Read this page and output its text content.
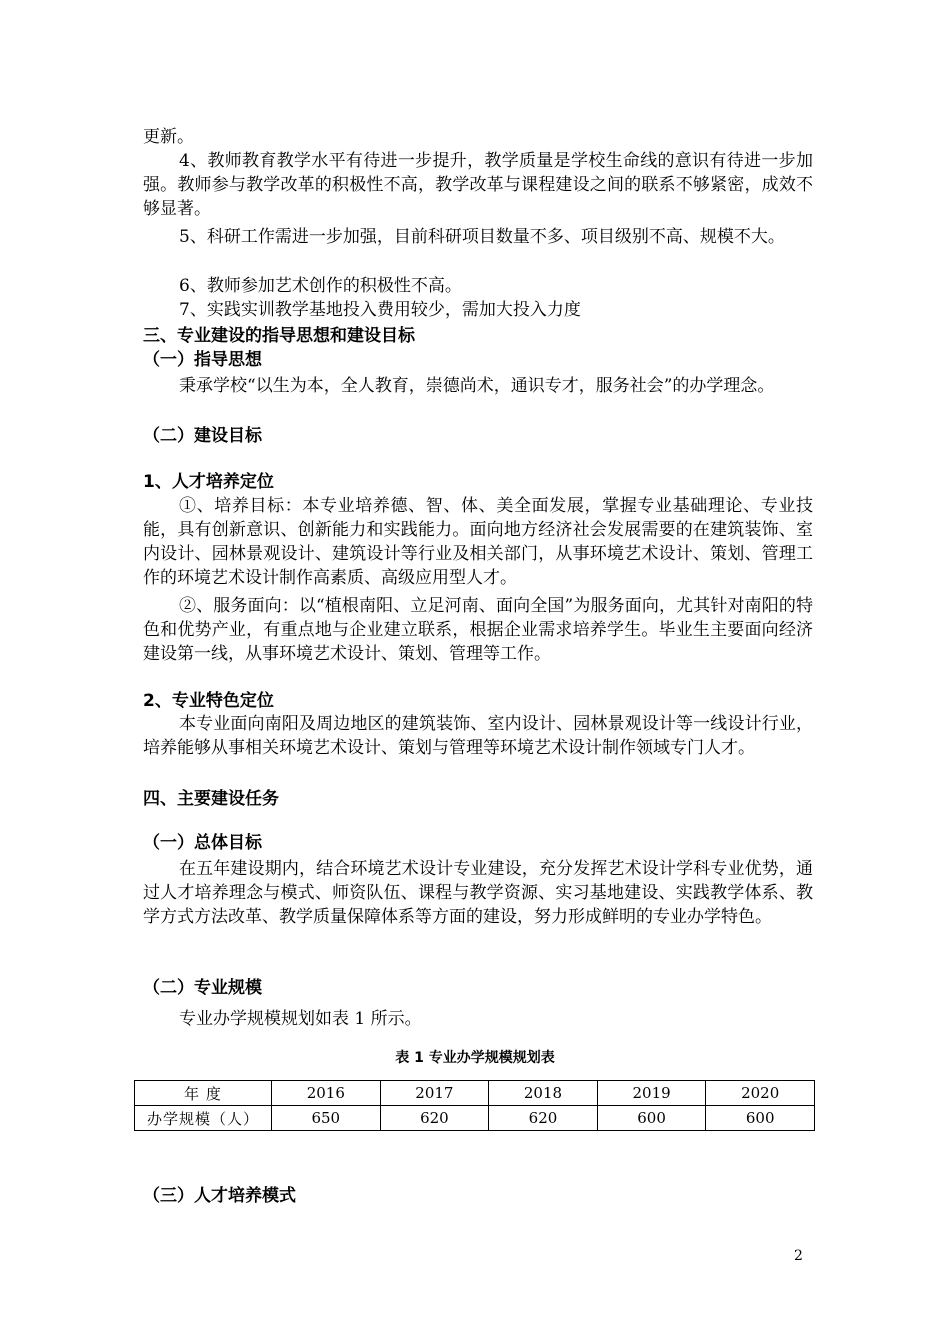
更新。

4、教师教育教学水平有待进一步提升，教学质量是学校生命线的意识有待进一步加强。教师参与教学改革的积极性不高，教学改革与课程建设之间的联系不够紧密，成效不够显著。

5、科研工作需进一步加强，目前科研项目数量不多、项目级别不高、规模不大。

6、教师参加艺术创作的积极性不高。

7、实践实训教学基地投入费用较少，需加大投入力度

三、专业建设的指导思想和建设目标

（一）指导思想

秉承学校“以生为本，全人教育，崇德尚术，通识专才，服务社会”的办学理念。

（二）建设目标

1、人才培养定位

①、培养目标：本专业培养德、智、体、美全面发展，掌握专业基础理论、专业技能，具有创新意识、创新能力和实践能力。面向地方经济社会发展需要的在建筑装饰、室内设计、园林景观设计、建筑设计等行业及相关部门，从事环境艺术设计、策划、管理工作的环境艺术设计制作高素质、高级应用型人才。

②、服务面向：以“植根南阳、立足河南、面向全国”为服务面向，尤其针对南阳的特色和优势产业，有重点地与企业建立联系，根据企业需求培养学生。毕业生主要面向经济建设第一线，从事环境艺术设计、策划、管理等工作。

2、专业特色定位

本专业面向南阳及周边地区的建筑装饰、室内设计、园林景观设计等一线设计行业，培养能够从事相关环境艺术设计、策划与管理等环境艺术设计制作领域专门人才。

四、主要建设任务

（一）总体目标

在五年建设期内，结合环境艺术设计专业建设，充分发挥艺术设计学科专业优势，通过人才培养理念与模式、师资队伍、课程与教学资源、实习基地建设、实践教学体系、教学方式方法改革、教学质量保障体系等方面的建设，努力形成鲜明的专业办学特色。

（二）专业规模

专业办学规模规划如表 1 所示。

表 1 专业办学规模规划表

年 度	2016	2017	2018	2019	2020
办学规模（人）	650	620	620	600	600

（三）人才培养模式

2
